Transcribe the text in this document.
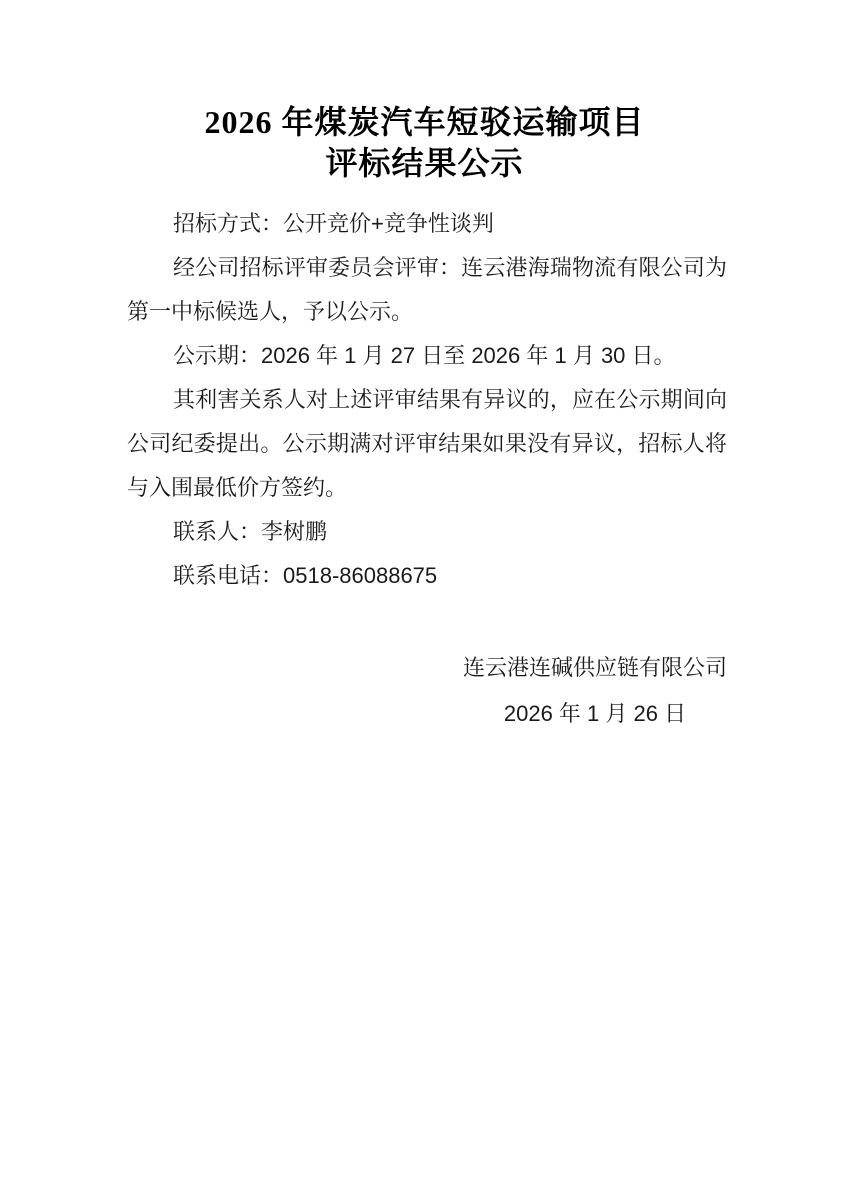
2026 年煤炭汽车短驳运输项目
评标结果公示

招标方式：公开竞价+竞争性谈判

经公司招标评审委员会评审：连云港海瑞物流有限公司为第一中标候选人，予以公示。

公示期：2026 年 1 月 27 日至 2026 年 1 月 30 日。

其利害关系人对上述评审结果有异议的，应在公示期间向公司纪委提出。公示期满对评审结果如果没有异议，招标人将与入围最低价方签约。

联系人：李树鹏

联系电话：0518-86088675

连云港连碱供应链有限公司

2026 年 1 月 26 日
